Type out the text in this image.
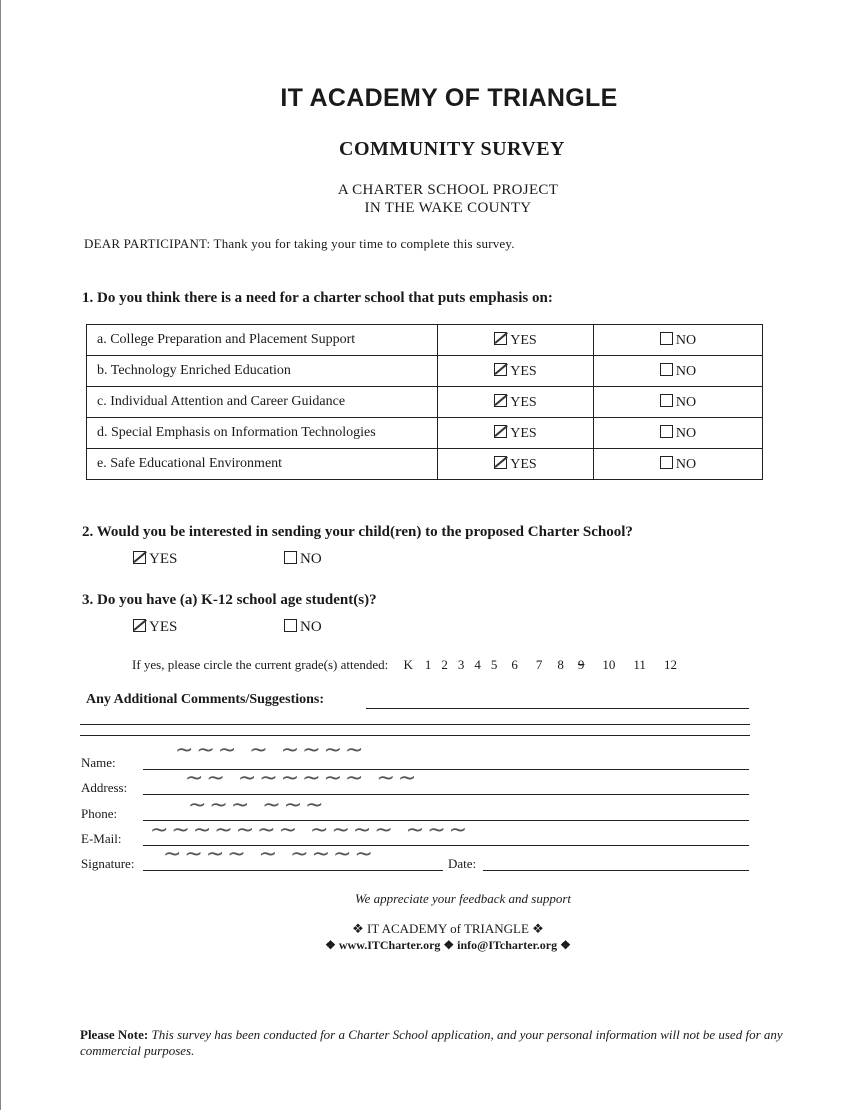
IT ACADEMY OF TRIANGLE
COMMUNITY SURVEY
A CHARTER SCHOOL PROJECT
IN THE WAKE COUNTY
DEAR PARTICIPANT: Thank you for taking your time to complete this survey.
1. Do you think there is a need for a charter school that puts emphasis on:
a. College Preparation and Placement Support	YES	NO
b. Technology Enriched Education	YES	NO
c. Individual Attention and Career Guidance	YES	NO
d. Special Emphasis on Information Technologies	YES	NO
e. Safe Educational Environment	YES	NO
2. Would you be interested in sending your child(ren) to the proposed Charter School?
YES	NO
3. Do you have (a) K-12 school age student(s)?
YES	NO
If yes, please circle the current grade(s) attended: K 1 2 3 4 5 6 7 8 9 10 11 12
Any Additional Comments/Suggestions:
Name:	~~~ ~ ~~~~
Address:	~~ ~~~~~~ ~~
Phone:	~~~ ~~~
E-Mail: ~~~~~~~ ~~~~ ~~~
Signature: ~~~~ ~ ~~~~	Date:
We appreciate your feedback and support
❖ IT ACADEMY of TRIANGLE ❖
❖ www.ITCharter.org ❖ info@ITcharter.org ❖
Please Note: This survey has been conducted for a Charter School application, and your personal information will not be used for any commercial purposes.
